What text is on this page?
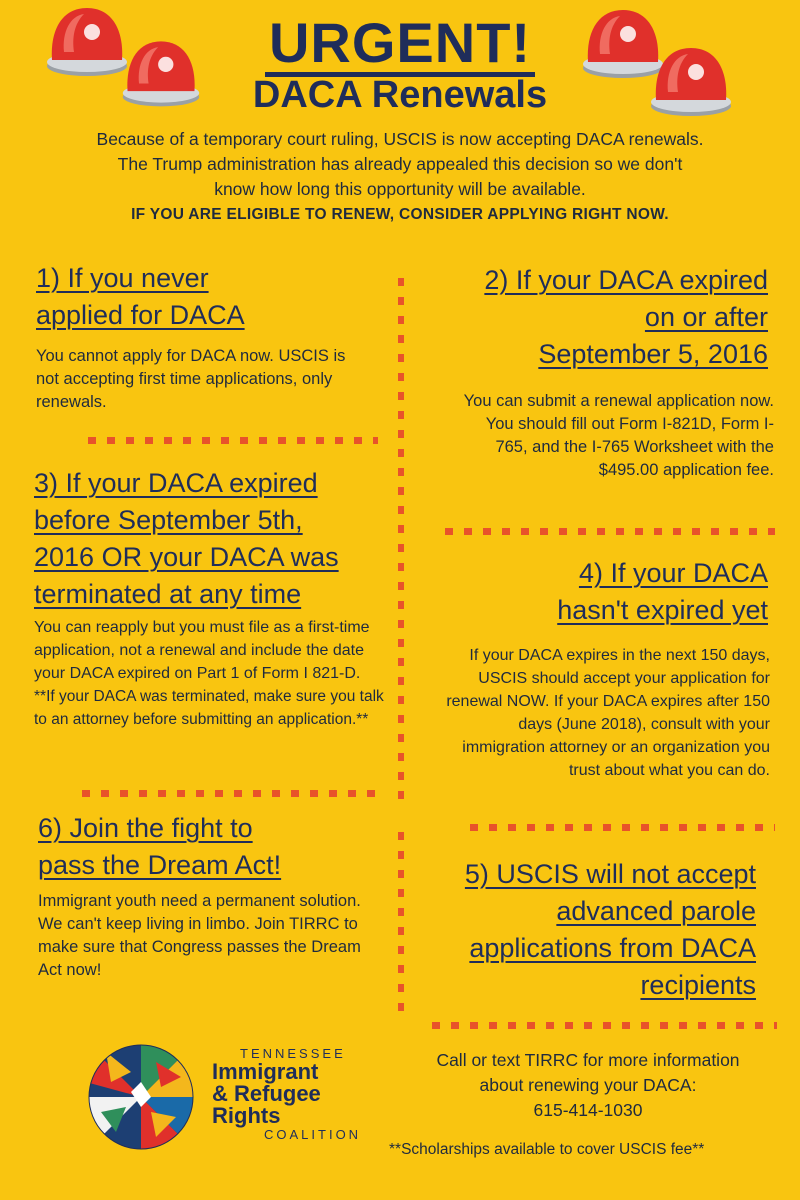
URGENT!
DACA Renewals
Because of a temporary court ruling, USCIS is now accepting DACA renewals.
The Trump administration has already appealed this decision so we don't
know how long this opportunity will be available.
IF YOU ARE ELIGIBLE TO RENEW, CONSIDER APPLYING RIGHT NOW.
1) If you never
applied for DACA
You cannot apply for DACA now. USCIS is not accepting first time applications, only renewals.
2) If your DACA expired
on or after
September 5, 2016
You can submit a renewal application now. You should fill out Form I-821D, Form I-765, and the I-765 Worksheet with the $495.00 application fee.
3) If your DACA expired
before September 5th,
2016 OR your DACA was
terminated at any time
You can reapply but you must file as a first-time application, not a renewal and include the date your DACA expired on Part 1 of Form I 821-D.
**If your DACA was terminated, make sure you talk to an attorney before submitting an application.**
4) If your DACA
hasn't expired yet
If your DACA expires in the next 150 days, USCIS should accept your application for renewal NOW. If your DACA expires after 150 days (June 2018), consult with your immigration attorney or an organization you trust about what you can do.
6) Join the fight to
pass the Dream Act!
Immigrant youth need a permanent solution. We can't keep living in limbo. Join TIRRC to make sure that Congress passes the Dream Act now!
5) USCIS will not accept
advanced parole
applications from DACA
recipients
TENNESSEE
Immigrant
& Refugee
Rights
COALITION
Call or text TIRRC for more information
about renewing your DACA:
615-414-1030
**Scholarships available to cover USCIS fee**
